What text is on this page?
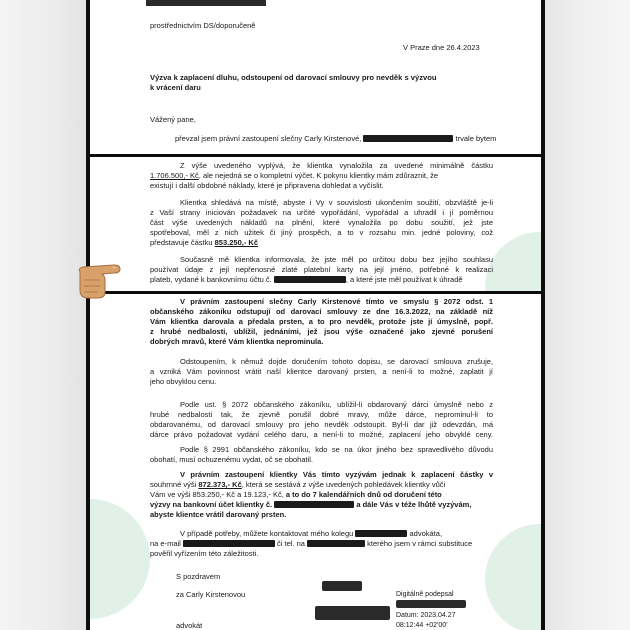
prostřednictvím DS/doporučeně
V Praze dne 26.4.2023
Výzva k zaplacení dluhu, odstoupení od darovací smlouvy pro nevděk s výzvou
k vrácení daru
Vážený pane,
převzal jsem právní zastoupení slečny Carly Kirstenové,	trvale bytem
Z výše uvedeného vyplývá, že klientka vynaložila za uvedené minimálně částku
1.706.500,- Kč, ale nejedná se o kompletní výčet. K pokynu klientky mám zdůraznit, že
existují i další obdobné náklady, které je připravena dohledat a vyčíslit.
Klientka shledává na místě, abyste i Vy v souvislosti ukončením soužití, obzvláště je-li
z Vaší strany iniciován požadavek na určité vypořádání, vypořádal a uhradil i jí poměrnou
část výše uvedených nákladů na plnění, které vynaložila po dobu soužití, jež jste
spotřeboval, měl z nich užitek či jiný prospěch, a to v rozsahu min. jedné poloviny, což
představuje částku 853.250,- Kč
Současně mě klientka informovala, že jste měl po určitou dobu bez jejího souhlasu
používat údaje z její nepřenosné zlaté platební karty na její jméno, potřebné k realizaci
plateb, vydané k bankovnímu účtu č.	, a které jste měl používat k úhradě
V právním zastoupení slečny Carly Kirstenové tímto ve smyslu § 2072 odst. 1
občanského zákoníku odstupují od darovací smlouvy ze dne 16.3.2022, na základě níž
Vám klientka darovala a předala prsten, a to pro nevděk, protože jste jí úmyslně, popř.
z hrubé nedbalosti, ublížil, jednáními, jež jsou výše označené jako zjevné porušení
dobrých mravů, které Vám klientka neprominula.
Odstoupením, k němuž dojde doručením tohoto dopisu, se darovací smlouva zrušuje,
a vzniká Vám povinnost vrátit naší klientce darovaný prsten, a není-li to možné, zaplatit jí
jeho obvyklou cenu.
Podle ust. § 2072 občanského zákoníku, ublížil-li obdarovaný dárci úmyslně nebo z
hrubé nedbalosti tak, že zjevně porušil dobré mravy, může dárce, neprominul-li to
obdarovanému, od darovací smlouvy pro jeho nevděk odstoupit. Byl-li dar již odevzdán, má
dárce právo požadovat vydání celého daru, a není-li to možné, zaplacení jeho obvyklé ceny.
Podle § 2991 občanského zákoníku, kdo se na úkor jiného bez spravedlivého důvodu
obohatí, musí ochuzenému vydat, oč se obohatil.
V právním zastoupení klientky Vás tímto vyzývám jednak k zaplacení částky v
souhrnné výši 872.373,- Kč, která se sestává z výše uvedených pohledávek klientky vůči
Vám ve výši 853.250,- Kč a 19.123,- Kč, a to do 7 kalendářních dnů od doručení této
výzvy na bankovní účet klientky č.	a dále Vás v téže lhůtě vyzývám,
abyste klientce vrátil darovaný prsten.
V případě potřeby, můžete kontaktovat mého kolegu	advokáta,
na e-mail	či tel. na	kterého jsem v rámci substituce
pověřil vyřízením této záležitosti.
S pozdravem
za Carly Kirstenovou
advokát
Digitálně podepsal
Datum: 2023.04.27
08:12:44 +02'00'
